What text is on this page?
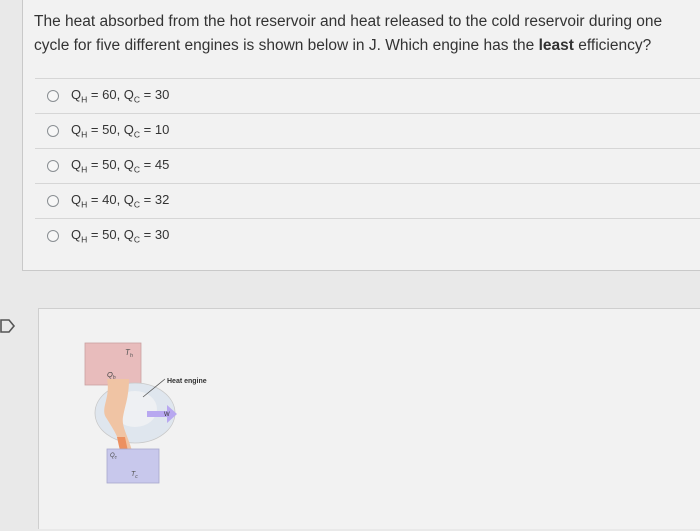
The heat absorbed from the hot reservoir and heat released to the cold reservoir during one cycle for five different engines is shown below in J. Which engine has the least efficiency?
$Q_H = 60$, $Q_C = 30$
$Q_H = 50$, $Q_C = 10$
$Q_H = 50$, $Q_C = 45$
$Q_H = 40$, $Q_C = 32$
$Q_H = 50$, $Q_C = 30$
$T_h$
$Q_h$
W
Heat engine
$Q_c$
$T_c$
